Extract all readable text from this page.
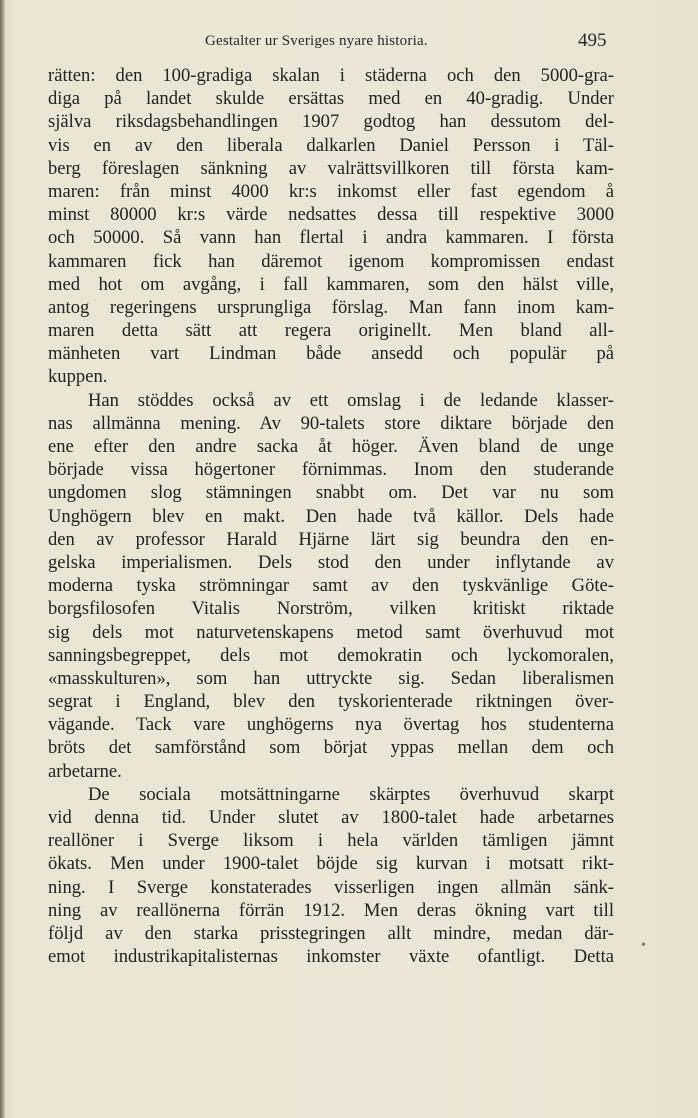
Gestalter ur Sveriges nyare historia.	495
rätten: den 100-gradiga skalan i städerna och den 5000-gra-
diga på landet skulde ersättas med en 40-gradig. Under
själva riksdagsbehandlingen 1907 godtog han dessutom del-
vis en av den liberala dalkarlen Daniel Persson i Täl-
berg föreslagen sänkning av valrättsvillkoren till första kam-
maren: från minst 4000 kr:s inkomst eller fast egendom å
minst 80000 kr:s värde nedsattes dessa till respektive 3000
och 50000. Så vann han flertal i andra kammaren. I första
kammaren fick han däremot igenom kompromissen endast
med hot om avgång, i fall kammaren, som den hälst ville,
antog regeringens ursprungliga förslag. Man fann inom kam-
maren detta sätt att regera originellt. Men bland all-
mänheten vart Lindman både ansedd och populär på
kuppen.
Han stöddes också av ett omslag i de ledande klasser-
nas allmänna mening. Av 90-talets store diktare började den
ene efter den andre sacka åt höger. Även bland de unge
började vissa högertoner förnimmas. Inom den studerande
ungdomen slog stämningen snabbt om. Det var nu som
Unghögern blev en makt. Den hade två källor. Dels hade
den av professor Harald Hjärne lärt sig beundra den en-
gelska imperialismen. Dels stod den under inflytande av
moderna tyska strömningar samt av den tyskvänlige Göte-
borgsfilosofen Vitalis Norström, vilken kritiskt riktade
sig dels mot naturvetenskapens metod samt överhuvud mot
sanningsbegreppet, dels mot demokratin och lyckomoralen,
«masskulturen», som han uttryckte sig. Sedan liberalismen
segrat i England, blev den tyskorienterade riktningen över-
vägande. Tack vare unghögerns nya övertag hos studenterna
bröts det samförstånd som börjat yppas mellan dem och
arbetarne.
De sociala motsättningarne skärptes överhuvud skarpt
vid denna tid. Under slutet av 1800-talet hade arbetarnes
reallöner i Sverge liksom i hela världen tämligen jämnt
ökats. Men under 1900-talet böjde sig kurvan i motsatt rikt-
ning. I Sverge konstaterades visserligen ingen allmän sänk-
ning av reallönerna förrän 1912. Men deras ökning vart till
följd av den starka prisstegringen allt mindre, medan där-
emot industrikapitalisternas inkomster växte ofantligt. Detta
•
